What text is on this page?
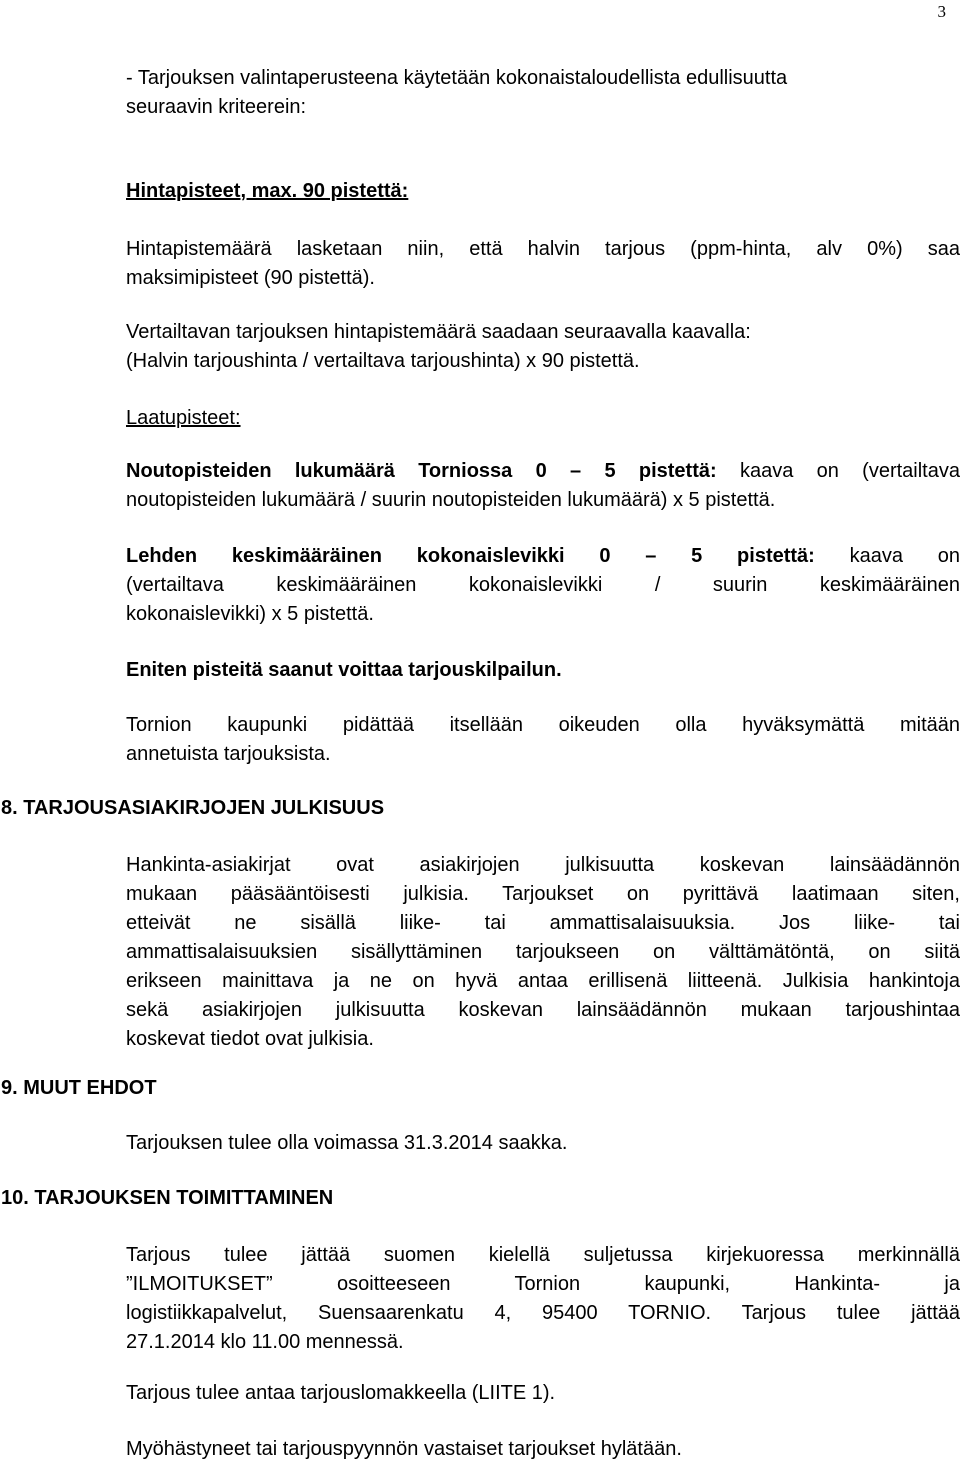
3

- Tarjouksen valintaperusteena käytetään kokonaistaloudellista edullisuutta
seuraavin kriteerein:

Hintapisteet, max. 90 pistettä:

Hintapistemäärä lasketaan niin, että halvin tarjous (ppm-hinta, alv 0%) saa
maksimipisteet (90 pistettä).

Vertailtavan tarjouksen hintapistemäärä saadaan seuraavalla kaavalla:
(Halvin tarjoushinta / vertailtava tarjoushinta) x 90 pistettä.

Laatupisteet:

Noutopisteiden lukumäärä Torniossa 0 – 5 pistettä: kaava on (vertailtava
noutopisteiden lukumäärä / suurin noutopisteiden lukumäärä) x 5 pistettä.

Lehden keskimääräinen kokonaislevikki 0 – 5 pistettä: kaava on
(vertailtava keskimääräinen kokonaislevikki / suurin keskimääräinen
kokonaislevikki) x 5 pistettä.

Eniten pisteitä saanut voittaa tarjouskilpailun.

Tornion kaupunki pidättää itsellään oikeuden olla hyväksymättä mitään
annetuista tarjouksista.

8. TARJOUSASIAKIRJOJEN JULKISUUS

Hankinta-asiakirjat ovat asiakirjojen julkisuutta koskevan lainsäädännön
mukaan pääsääntöisesti julkisia. Tarjoukset on pyrittävä laatimaan siten,
etteivät ne sisällä liike- tai ammattisalaisuuksia. Jos liike- tai
ammattisalaisuuksien sisällyttäminen tarjoukseen on välttämätöntä, on siitä
erikseen mainittava ja ne on hyvä antaa erillisenä liitteenä. Julkisia hankintoja
sekä asiakirjojen julkisuutta koskevan lainsäädännön mukaan tarjoushintaa
koskevat tiedot ovat julkisia.

9. MUUT EHDOT

Tarjouksen tulee olla voimassa 31.3.2014 saakka.

10. TARJOUKSEN TOIMITTAMINEN

Tarjous tulee jättää suomen kielellä suljetussa kirjekuoressa merkinnällä
”ILMOITUKSET” osoitteeseen Tornion kaupunki, Hankinta- ja
logistiikkapalvelut, Suensaarenkatu 4, 95400 TORNIO. Tarjous tulee jättää
27.1.2014 klo 11.00 mennessä.

Tarjous tulee antaa tarjouslomakkeella (LIITE 1).

Myöhästyneet tai tarjouspyynnön vastaiset tarjoukset hylätään.
